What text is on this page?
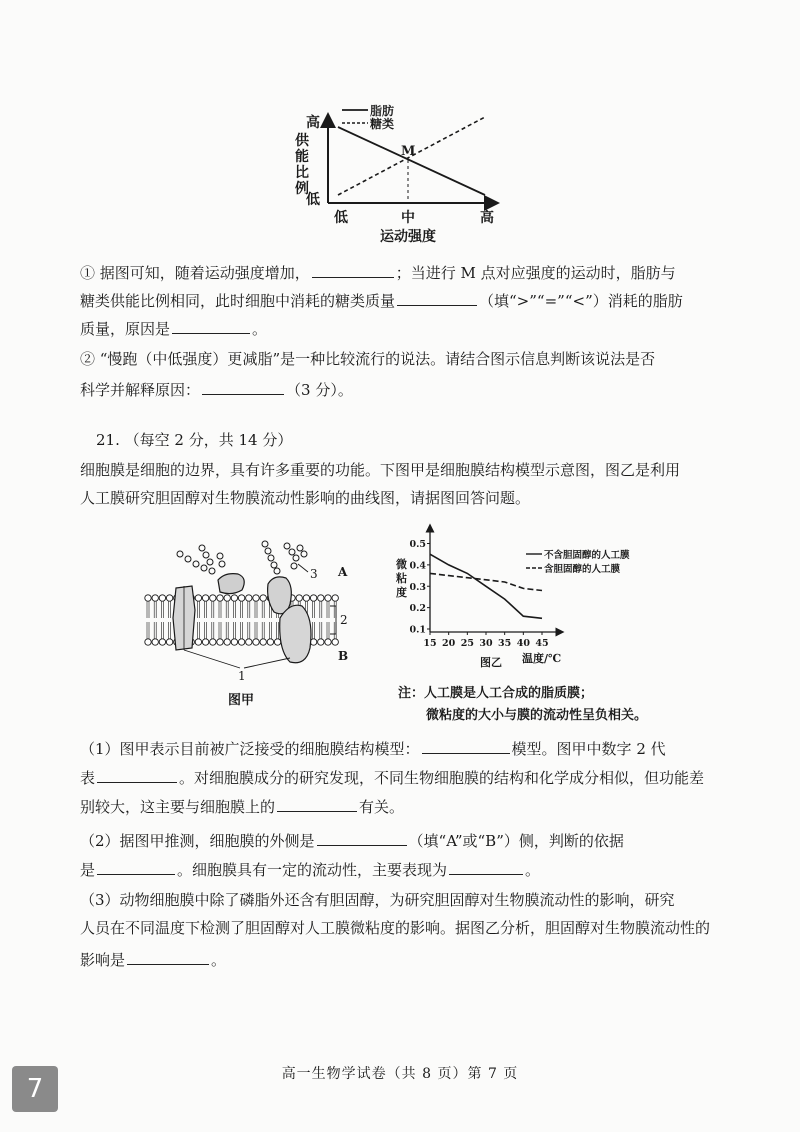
高
供
能
比
例
低
低	中	高
运动强度
M
脂肪
糖类
① 据图可知，随着运动强度增加，	；当进行 M 点对应强度的运动时，脂肪与
糖类供能比例相同，此时细胞中消耗的糖类质量	（填“>”“=”“<”）消耗的脂肪
质量，原因是	。
② “慢跑（中低强度）更减脂”是一种比较流行的说法。请结合图示信息判断该说法是否
科学并解释原因：	（3 分）。
21. （每空 2 分，共 14 分）
细胞膜是细胞的边界，具有许多重要的功能。下图甲是细胞膜结构模型示意图，图乙是利用
人工膜研究胆固醇对生物膜流动性影响的曲线图，请据图回答问题。
3 A
2
B
1
图甲
0.1
0.2
0.3
0.4
0.5
15 20 25 30 35 40 45
微
粘
度
温度/℃
不含胆固醇的人工膜
含胆固醇的人工膜
图乙
注：人工膜是人工合成的脂质膜；
微粘度的大小与膜的流动性呈负相关。
（1）图甲表示目前被广泛接受的细胞膜结构模型：	模型。图甲中数字 2 代
表	。对细胞膜成分的研究发现，不同生物细胞膜的结构和化学成分相似，但功能差
别较大，这主要与细胞膜上的	有关。
（2）据图甲推测，细胞膜的外侧是	（填“A”或“B”）侧，判断的依据
是	。细胞膜具有一定的流动性，主要表现为	。
（3）动物细胞膜中除了磷脂外还含有胆固醇，为研究胆固醇对生物膜流动性的影响，研究
人员在不同温度下检测了胆固醇对人工膜微粘度的影响。据图乙分析，胆固醇对生物膜流动性的
影响是	。
高一生物学试卷（共 8 页）第 7 页
7
